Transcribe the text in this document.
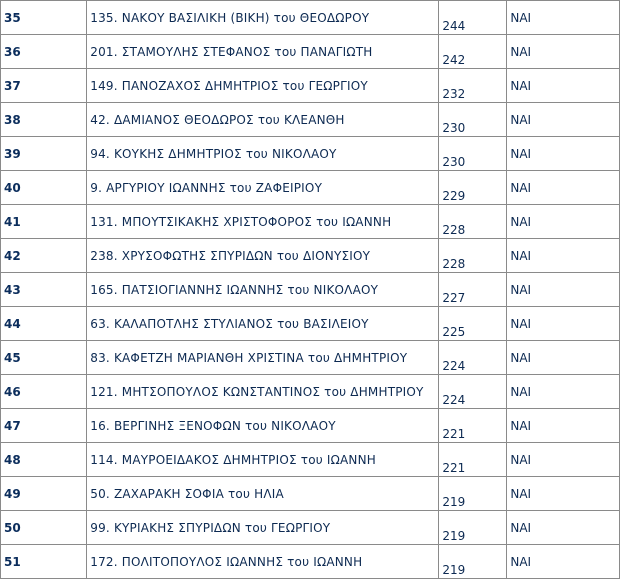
35	135. ΝΑΚΟΥ ΒΑΣΙΛΙΚΗ (ΒΙΚΗ) του ΘΕΟΔΩΡΟΥ	244	ΝΑΙ
36	201. ΣΤΑΜΟΥΛΗΣ ΣΤΕΦΑΝΟΣ του ΠΑΝΑΓΙΩΤΗ	242	ΝΑΙ
37	149. ΠΑΝΟΖΑΧΟΣ ΔΗΜΗΤΡΙΟΣ του ΓΕΩΡΓΙΟΥ	232	ΝΑΙ
38	42. ΔΑΜΙΑΝΟΣ ΘΕΟΔΩΡΟΣ του ΚΛΕΑΝΘΗ	230	ΝΑΙ
39	94. ΚΟΥΚΗΣ ΔΗΜΗΤΡΙΟΣ του ΝΙΚΟΛΑΟΥ	230	ΝΑΙ
40	9. ΑΡΓΥΡΙΟΥ ΙΩΑΝΝΗΣ του ΖΑΦΕΙΡΙΟΥ	229	ΝΑΙ
41	131. ΜΠΟΥΤΣΙΚΑΚΗΣ ΧΡΙΣΤΟΦΟΡΟΣ του ΙΩΑΝΝΗ	228	ΝΑΙ
42	238. ΧΡΥΣΟΦΩΤΗΣ ΣΠΥΡΙΔΩΝ του ΔΙΟΝΥΣΙΟΥ	228	ΝΑΙ
43	165. ΠΑΤΣΙΟΓΙΑΝΝΗΣ ΙΩΑΝΝΗΣ του ΝΙΚΟΛΑΟΥ	227	ΝΑΙ
44	63. ΚΑΛΑΠΟΤΛΗΣ ΣΤΥΛΙΑΝΟΣ του ΒΑΣΙΛΕΙΟΥ	225	ΝΑΙ
45	83. ΚΑΦΕΤΖΗ ΜΑΡΙΑΝΘΗ ΧΡΙΣΤΙΝΑ του ΔΗΜΗΤΡΙΟΥ	224	ΝΑΙ
46	121. ΜΗΤΣΟΠΟΥΛΟΣ ΚΩΝΣΤΑΝΤΙΝΟΣ του ΔΗΜΗΤΡΙΟΥ	224	ΝΑΙ
47	16. ΒΕΡΓΙΝΗΣ ΞΕΝΟΦΩΝ του ΝΙΚΟΛΑΟΥ	221	ΝΑΙ
48	114. ΜΑΥΡΟΕΙΔΑΚΟΣ ΔΗΜΗΤΡΙΟΣ του ΙΩΑΝΝΗ	221	ΝΑΙ
49	50. ΖΑΧΑΡΑΚΗ ΣΟΦΙΑ του ΗΛΙΑ	219	ΝΑΙ
50	99. ΚΥΡΙΑΚΗΣ ΣΠΥΡΙΔΩΝ του ΓΕΩΡΓΙΟΥ	219	ΝΑΙ
51	172. ΠΟΛΙΤΟΠΟΥΛΟΣ ΙΩΑΝΝΗΣ του ΙΩΑΝΝΗ	219	ΝΑΙ
